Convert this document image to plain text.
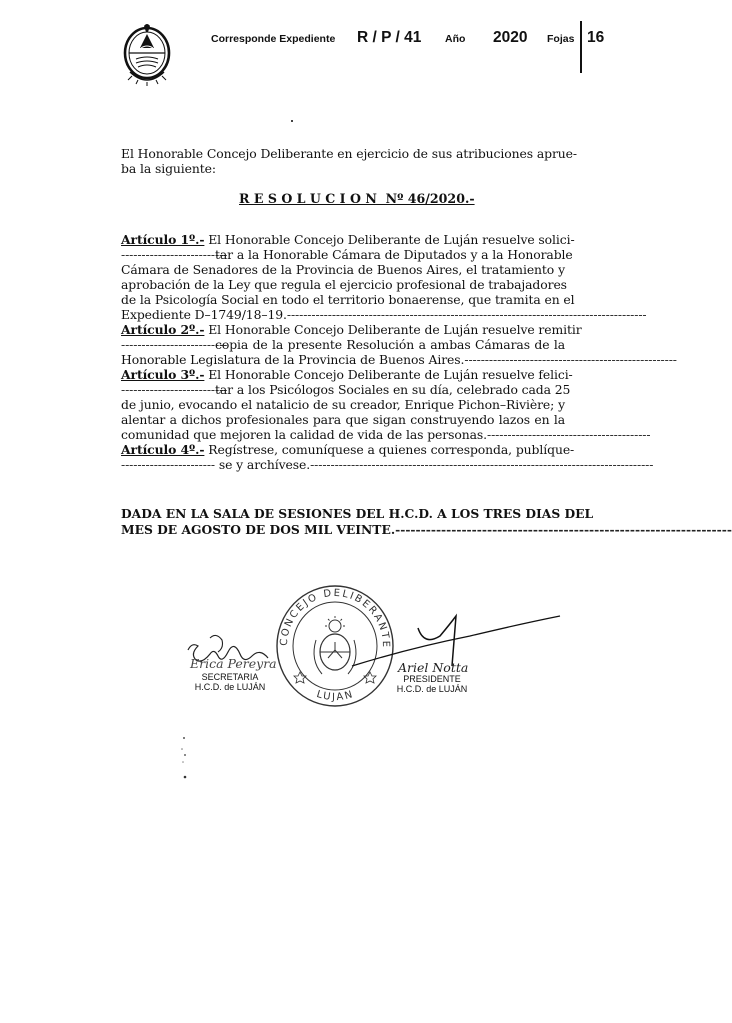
Corresponde Expediente R / P / 41 Año 2020 Fojas 16
El Honorable Concejo Deliberante en ejercicio de sus atribuciones aprue-
ba la siguiente:
R E S O L U C I O N  Nº 46/2020.-
Artículo 1º.- El Honorable Concejo Deliberante de Luján resuelve solici-
--------------------------
tar a la Honorable Cámara de Diputados y a la Honorable
Cámara de Senadores de la Provincia de Buenos Aires, el tratamiento y
aprobación de la Ley que regula el ejercicio profesional de trabajadores
de la Psicología Social en todo el territorio bonaerense, que tramita en el
Expediente D–1749/18–19.----------------------------------------------------------------------------------------
Artículo 2º.- El Honorable Concejo Deliberante de Luján resuelve remitir
--------------------------
copia de la presente Resolución a ambas Cámaras de la
Honorable Legislatura de la Provincia de Buenos Aires.----------------------------------------------------
Artículo 3º.- El Honorable Concejo Deliberante de Luján resuelve felici-
--------------------------
tar a los Psicólogos Sociales en su día, celebrado cada 25
de junio, evocando el natalicio de su creador, Enrique Pichon–Rivière; y
alentar a dichos profesionales para que sigan construyendo lazos en la
comunidad que mejoren la calidad de vida de las personas.----------------------------------------
Artículo 4º.- Regístrese, comuníquese a quienes corresponda, publíque-
----------------------- se y archívese.------------------------------------------------------------------------------------
DADA EN LA SALA DE SESIONES DEL H.C.D. A LOS TRES DIAS DEL
MES DE AGOSTO DE DOS MIL VEINTE.------------------------------------------------------------------
CONCEJO DELIBERANTE
LUJAN
Erica Pereyra
SECRETARIA
H.C.D. de LUJÁN
Ariel Notta
PRESIDENTE
H.C.D. de LUJÁN
